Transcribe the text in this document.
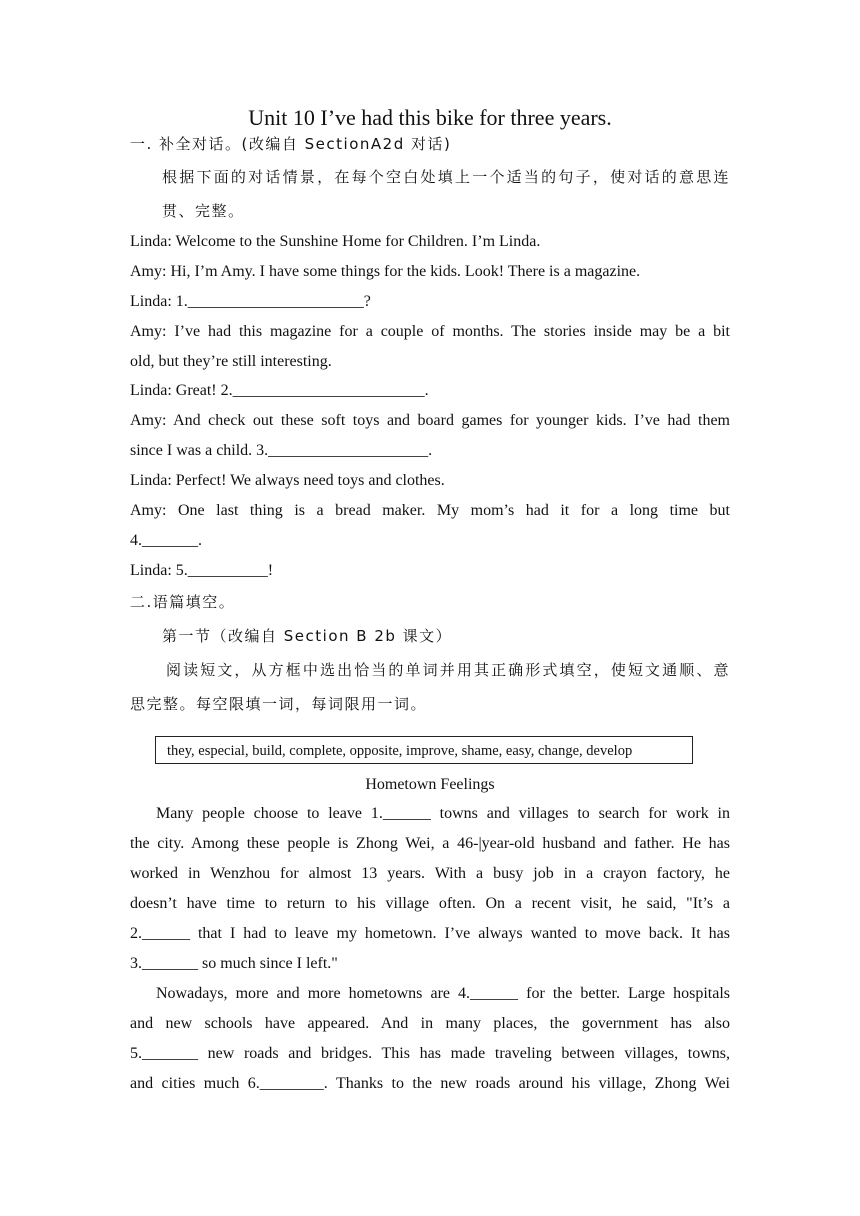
Unit 10 I’ve had this bike for three years.
一. 补全对话。(改编自 SectionA2d 对话)
根据下面的对话情景，在每个空白处填上一个适当的句子，使对话的意思连
贯、完整。
Linda: Welcome to the Sunshine Home for Children. I’m Linda.
Amy: Hi, I’m Amy. I have some things for the kids. Look! There is a magazine.
Linda: 1.______________________?
Amy: I’ve had this magazine for a couple of months. The stories inside may be a bit
old, but they’re still interesting.
Linda: Great! 2.________________________.
Amy: And check out these soft toys and board games for younger kids. I’ve had them
since I was a child. 3.____________________.
Linda: Perfect! We always need toys and clothes.
Amy: One last thing is a bread maker. My mom’s had it for a long time but
4._______.
Linda: 5.__________!
二.语篇填空。
第一节（改编自 Section B 2b 课文）
阅读短文，从方框中选出恰当的单词并用其正确形式填空，使短文通顺、意
思完整。每空限填一词，每词限用一词。
they, especial, build, complete, opposite, improve, shame, easy, change, develop
Hometown Feelings
Many people choose to leave 1.______ towns and villages to search for work in
the city. Among these people is Zhong Wei, a 46-|year-old husband and father. He has
worked in Wenzhou for almost 13 years. With a busy job in a crayon factory, he
doesn’t have time to return to his village often. On a recent visit, he said, "It’s a
2.______ that I had to leave my hometown. I’ve always wanted to move back. It has
3._______ so much since I left."
Nowadays, more and more hometowns are 4.______ for the better. Large hospitals
and new schools have appeared. And in many places, the government has also
5._______ new roads and bridges. This has made traveling between villages, towns,
and cities much 6.________. Thanks to the new roads around his village, Zhong Wei
